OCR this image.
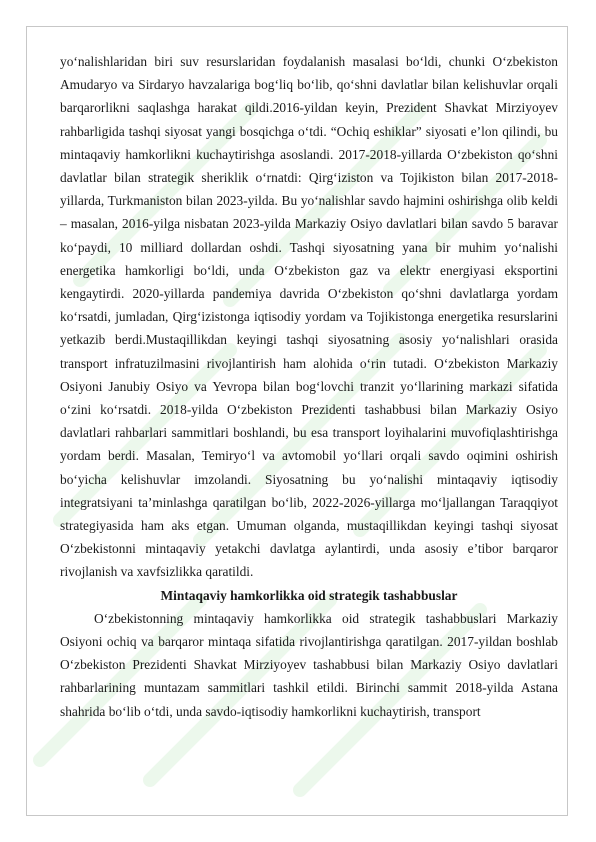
yo‘nalishlaridan biri suv resurslaridan foydalanish masalasi bo‘ldi, chunki O‘zbekiston Amudaryo va Sirdaryo havzalariga bog‘liq bo‘lib, qo‘shni davlatlar bilan kelishuvlar orqali barqarorlikni saqlashga harakat qildi.2016-yildan keyin, Prezident Shavkat Mirziyoyev rahbarligida tashqi siyosat yangi bosqichga o‘tdi. “Ochiq eshiklar” siyosati e’lon qilindi, bu mintaqaviy hamkorlikni kuchaytirishga asoslandi. 2017-2018-yillarda O‘zbekiston qo‘shni davlatlar bilan strategik sheriklik o‘rnatdi: Qirg‘iziston va Tojikiston bilan 2017-2018-yillarda, Turkmaniston bilan 2023-yilda. Bu yo‘nalishlar savdo hajmini oshirishga olib keldi – masalan, 2016-yilga nisbatan 2023-yilda Markaziy Osiyo davlatlari bilan savdo 5 baravar ko‘paydi, 10 milliard dollardan oshdi. Tashqi siyosatning yana bir muhim yo‘nalishi energetika hamkorligi bo‘ldi, unda O‘zbekiston gaz va elektr energiyasi eksportini kengaytirdi. 2020-yillarda pandemiya davrida O‘zbekiston qo‘shni davlatlarga yordam ko‘rsatdi, jumladan, Qirg‘izistonga iqtisodiy yordam va Tojikistonga energetika resurslarini yetkazib berdi.Mustaqillikdan keyingi tashqi siyosatning asosiy yo‘nalishlari orasida transport infratuzilmasini rivojlantirish ham alohida o‘rin tutadi. O‘zbekiston Markaziy Osiyoni Janubiy Osiyo va Yevropa bilan bog‘lovchi tranzit yo‘llarining markazi sifatida o‘zini ko‘rsatdi. 2018-yilda O‘zbekiston Prezidenti tashabbusi bilan Markaziy Osiyo davlatlari rahbarlari sammitlari boshlandi, bu esa transport loyihalarini muvofiqlashtirishga yordam berdi. Masalan, Temiryo‘l va avtomobil yo‘llari orqali savdo oqimini oshirish bo‘yicha kelishuvlar imzolandi. Siyosatning bu yo‘nalishi mintaqaviy iqtisodiy integratsiyani ta’minlashga qaratilgan bo‘lib, 2022-2026-yillarga mo‘ljallangan Taraqqiyot strategiyasida ham aks etgan. Umuman olganda, mustaqillikdan keyingi tashqi siyosat O‘zbekistonni mintaqaviy yetakchi davlatga aylantirdi, unda asosiy e’tibor barqaror rivojlanish va xavfsizlikka qaratildi.

Mintaqaviy hamkorlikka oid strategik tashabbuslar

O‘zbekistonning mintaqaviy hamkorlikka oid strategik tashabbuslari Markaziy Osiyoni ochiq va barqaror mintaqa sifatida rivojlantirishga qaratilgan. 2017-yildan boshlab O‘zbekiston Prezidenti Shavkat Mirziyoyev tashabbusi bilan Markaziy Osiyo davlatlari rahbarlarining muntazam sammitlari tashkil etildi. Birinchi sammit 2018-yilda Astana shahrida bo‘lib o‘tdi, unda savdo-iqtisodiy hamkorlikni kuchaytirish, transport
